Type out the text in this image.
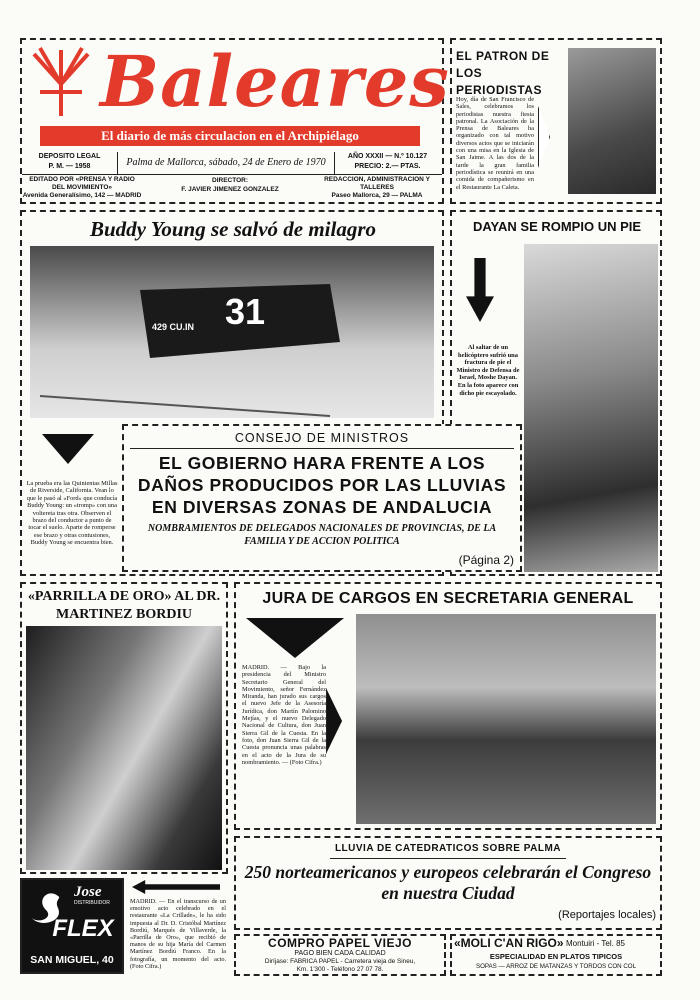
Baleares
El diario de más circulacion en el Archipiélago
DEPOSITO LEGAL
P. M. — 1958	Palma de Mallorca, sábado, 24 de Enero de 1970
AÑO XXXII — N.º 10.127
PRECIO: 2.— PTAS.
EDITADO POR «PRENSA Y RADIO DEL MOVIMIENTO»
Avenida Generalísimo, 142 — MADRID
DIRECTOR:
F. JAVIER JIMENEZ GONZALEZ
REDACCION, ADMINISTRACION Y TALLERES
Paseo Mallorca, 29 — PALMA
EL PATRON DE LOS PERIODISTAS
Hoy, día de San Francisco de Sales, celebramos los periodistas nuestra fiesta patronal. La Asociación de la Prensa de Baleares ha organizado con tal motivo diversos actos que se iniciarán con una misa en la Iglesia de San Jaime. A las dos de la tarde la gran familia periodística se reunirá en una comida de compañerismo en el Restaurante La Caleta.
Buddy Young se salvó de milagro
31
429 CU.IN
La prueba era las Quinientas Millas de Riverside, California. Vean lo que le pasó al «Ford» que conducía Buddy Young: un «tromp» con una voltereta tras otra. Observen el brazo del conductor a punto de tocar el suelo. Aparte de romperse ese brazo y otras contusiones, Buddy Young se encuentra bien.
DAYAN SE ROMPIO UN PIE
Al saltar de un helicóptero sufrió una fractura de pie el Ministro de Defensa de Israel, Moshe Dayan. En la foto aparece con dicho pie escayolado.
CONSEJO DE MINISTROS
EL GOBIERNO HARA FRENTE A LOS DAÑOS PRODUCIDOS POR LAS LLUVIAS EN DIVERSAS ZONAS DE ANDALUCIA
NOMBRAMIENTOS DE DELEGADOS NACIONALES DE PROVINCIAS, DE LA FAMILIA Y DE ACCION POLITICA
(Página 2)
«PARRILLA DE ORO» AL DR. MARTINEZ BORDIU
Jose
DISTRIBUIDOR
FLEX
SAN MIGUEL, 40
MADRID. — En el transcurso de un emotivo acto celebrado en el restaurante «La Crillade», le ha sido impuesta al Dr. D. Cristóbal Martínez Bordiú, Marqués de Villaverde, la «Parrilla de Oro», que recibió de manos de su hija María del Carmen Martínez Bordiú Franco. En la fotografía, un momento del acto. (Foto Cifra.)
JURA DE CARGOS EN SECRETARIA GENERAL
MADRID. — Bajo la presidencia del Ministro Secretario General del Movimiento, señor Fernández Miranda, han jurado sus cargos el nuevo Jefe de la Asesoría Jurídica, don Martín Palomino Mejías, y el nuevo Delegado Nacional de Cultura, don Juan Sierra Gil de la Cuesta. En la foto, don Juan Sierra Gil de la Cuesta pronuncia unas palabras en el acto de la Jura de su nombramiento. — (Foto Cifra.)
LLUVIA DE CATEDRATICOS SOBRE PALMA
250 norteamericanos y europeos celebrarán el Congreso en nuestra Ciudad
(Reportajes locales)
COMPRO PAPEL VIEJO
PAGO BIEN CADA CALIDAD
Diríjase: FABRICA PAPEL - Carretera vieja de Sineu,
Km. 1'300 - Teléfono 27 07 78.
«MOLI C'AN RIGO» Montuiri - Tel. 85
ESPECIALIDAD EN PLATOS TIPICOS
SOPAS — ARROZ DE MATANZAS Y TORDOS CON COL
